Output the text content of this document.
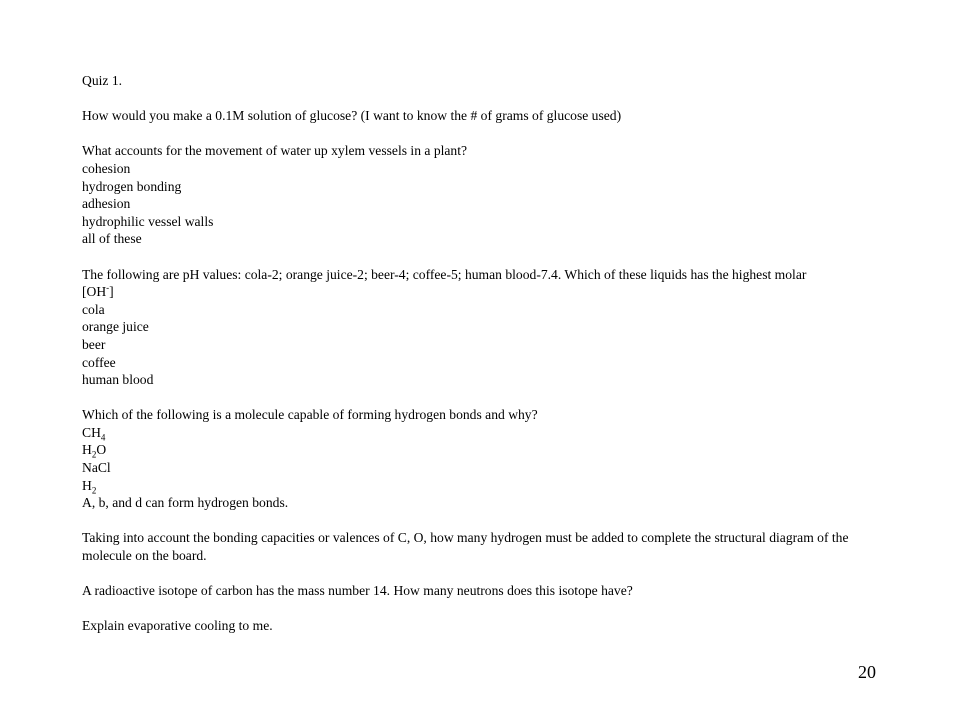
Quiz 1.
How would you make a 0.1M solution of glucose? (I want to know the # of grams of glucose used)
What accounts for the movement of water up xylem vessels in a plant?
cohesion
hydrogen bonding
adhesion
hydrophilic vessel walls
all of these
The following are pH values: cola-2; orange juice-2; beer-4; coffee-5; human blood-7.4. Which of these liquids has the highest molar
[OH-]
cola
orange juice
beer
coffee
human blood
Which of the following is a molecule capable of forming hydrogen bonds and why?
$CH_4$
$H_2O$
NaCl
$H_2$
A, b, and d can form hydrogen bonds.
Taking into account the bonding capacities or valences of C, O, how many hydrogen must be added to complete the structural diagram of the molecule on the board.
A radioactive isotope of carbon has the mass number 14. How many neutrons does this isotope have?
Explain evaporative cooling to me.
20
